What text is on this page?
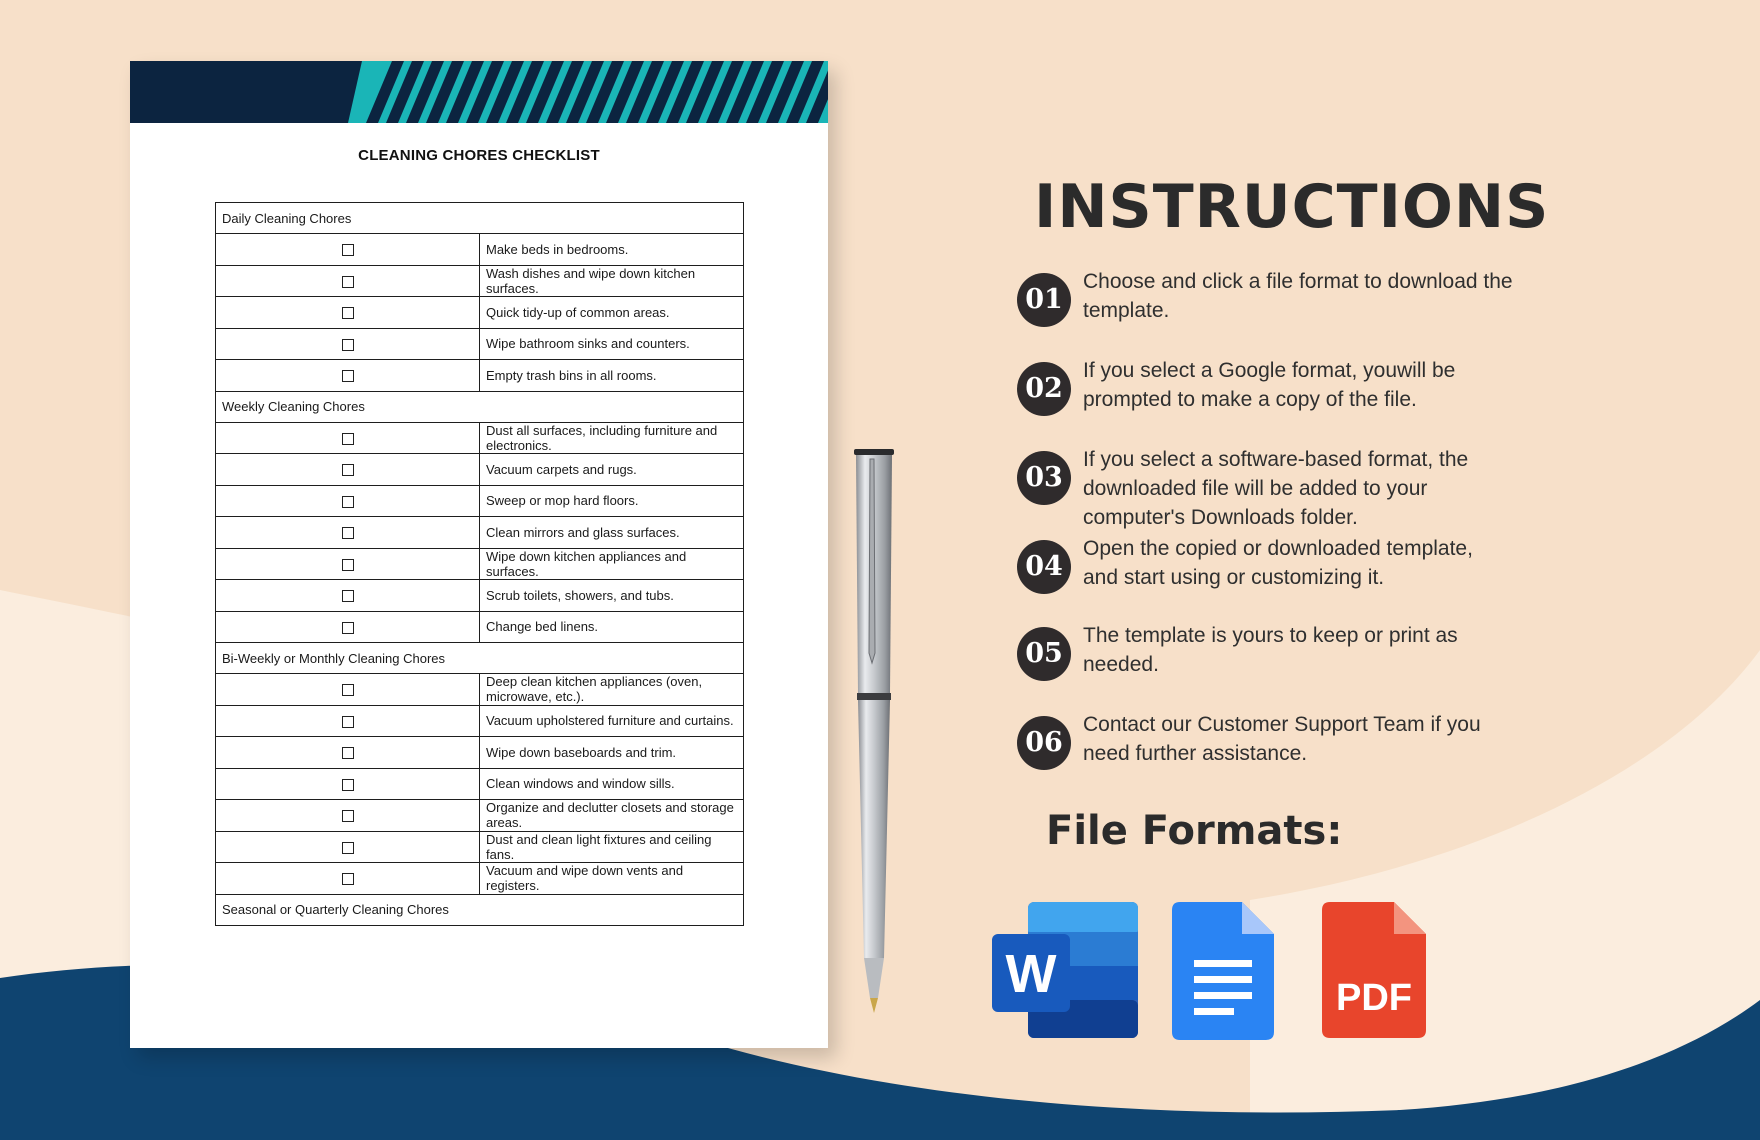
CLEANING CHORES CHECKLIST
Daily Cleaning Chores	
	Make beds in bedrooms.
	Wash dishes and wipe down kitchen surfaces.
	Quick tidy-up of common areas.
	Wipe bathroom sinks and counters.
	Empty trash bins in all rooms.
Weekly Cleaning Chores	
	Dust all surfaces, including furniture and electronics.
	Vacuum carpets and rugs.
	Sweep or mop hard floors.
	Clean mirrors and glass surfaces.
	Wipe down kitchen appliances and surfaces.
	Scrub toilets, showers, and tubs.
	Change bed linens.
Bi-Weekly or Monthly Cleaning Chores	
	Deep clean kitchen appliances (oven, microwave, etc.).
	Vacuum upholstered furniture and curtains.
	Wipe down baseboards and trim.
	Clean windows and window sills.
	Organize and declutter closets and storage areas.
	Dust and clean light fixtures and ceiling fans.
	Vacuum and wipe down vents and registers.
Seasonal or Quarterly Cleaning Chores	
INSTRUCTIONS
01
Choose and click a file format to download the template.
02
If you select a Google format, youwill be prompted to make a copy of the file.
03
If you select a software-based format, the downloaded file will be added to your computer's Downloads folder.
04
Open the copied or downloaded template, and start using or customizing it.
05
The template is yours to keep or print as needed.
06
Contact our Customer Support Team if you need further assistance.
File Formats:
W	PDF
